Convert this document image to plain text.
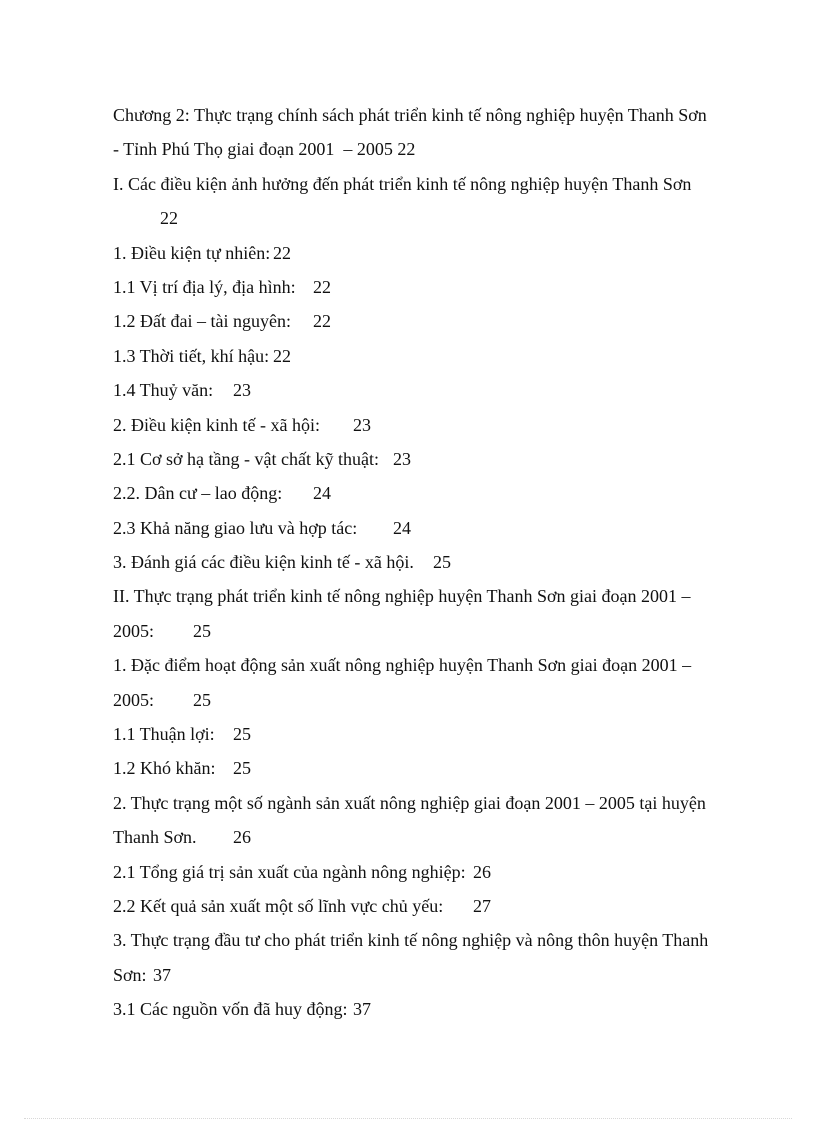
Chương 2: Thực trạng chính sách phát triển kinh tế nông nghiệp huyện Thanh Sơn
- Tỉnh Phú Thọ giai đoạn 2001  – 2005 22
I. Các điều kiện ảnh hưởng đến phát triển kinh tế nông nghiệp huyện Thanh Sơn
22
1. Điều kiện tự nhiên:	22
1.1 Vị trí địa lý, địa hình:	22
1.2 Đất đai – tài nguyên:	22
1.3 Thời tiết, khí hậu:	22
1.4 Thuỷ văn:	23
2. Điều kiện kinh tế - xã hội:	23
2.1 Cơ sở hạ tầng - vật chất kỹ thuật:	23
2.2. Dân cư – lao động:	24
2.3 Khả năng giao lưu và hợp tác:	24
3. Đánh giá các điều kiện kinh tế - xã hội.	25
II. Thực trạng phát triển kinh tế nông nghiệp huyện Thanh Sơn giai đoạn 2001 –
2005:	25
1. Đặc điểm hoạt động sản xuất nông nghiệp huyện Thanh Sơn giai đoạn 2001 –
2005:	25
1.1 Thuận lợi:	25
1.2 Khó khăn:	25
2. Thực trạng một số ngành sản xuất nông nghiệp giai đoạn 2001 – 2005 tại huyện
Thanh Sơn.	26
2.1 Tổng giá trị sản xuất của ngành nông nghiệp:	26
2.2 Kết quả sản xuất một số lĩnh vực chủ yếu:	27
3. Thực trạng đầu tư cho phát triển kinh tế nông nghiệp và nông thôn huyện Thanh
Sơn:	37
3.1 Các nguồn vốn đã huy động:	37
